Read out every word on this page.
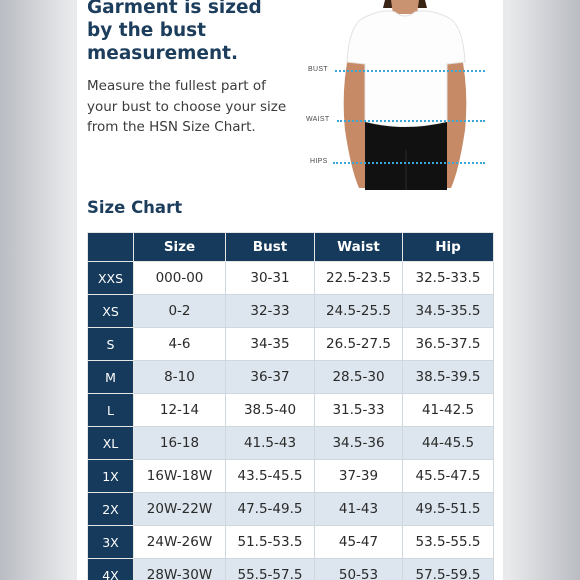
Garment is sized by the bust measurement.
Measure the fullest part of your bust to choose your size from the HSN Size Chart.
BUST
WAIST
HIPS
Size Chart
	Size	Bust	Waist	Hip
XXS	000-00	30-31	22.5-23.5	32.5-33.5
XS	0-2	32-33	24.5-25.5	34.5-35.5
S	4-6	34-35	26.5-27.5	36.5-37.5
M	8-10	36-37	28.5-30	38.5-39.5
L	12-14	38.5-40	31.5-33	41-42.5
XL	16-18	41.5-43	34.5-36	44-45.5
1X	16W-18W	43.5-45.5	37-39	45.5-47.5
2X	20W-22W	47.5-49.5	41-43	49.5-51.5
3X	24W-26W	51.5-53.5	45-47	53.5-55.5
4X	28W-30W	55.5-57.5	50-53	57.5-59.5
